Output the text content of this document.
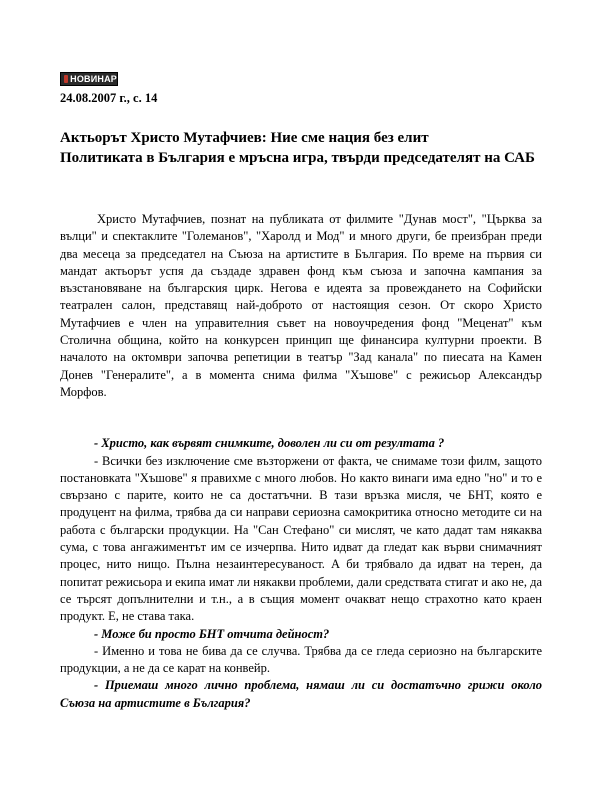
НОВИНАР
24.08.2007 г., с. 14
Актьорът Христо Мутафчиев: Ние сме нация без елит
Политиката в България е мръсна игра, твърди председателят на САБ

Христо Мутафчиев, познат на публиката от филмите "Дунав мост", "Църква за вълци" и спектаклите "Големанов", "Харолд и Мод" и много други, бе преизбран преди два месеца за председател на Съюза на артистите в България. По време на първия си мандат актьорът успя да създаде здравен фонд към съюза и започна кампания за възстановяване на българския цирк. Негова е идеята за провеждането на Софийски театрален салон, представящ най-доброто от настоящия сезон. От скоро Христо Мутафчиев е член на управителния съвет на новоучредения фонд "Меценат" към Столична община, който на конкурсен принцип ще финансира културни проекти. В началото на октомври започва репетиции в театър "Зад канала" по пиесата на Камен Донев "Генералите", а в момента снима филма "Хъшове" с режисьор Александър Морфов.

- Христо, как вървят снимките, доволен ли си от резултата ?

- Всички без изключение сме възторжени от факта, че снимаме този филм, защото постановката "Хъшове" я правихме с много любов. Но както винаги има едно "но" и то е свързано с парите, които не са достатъчни. В тази връзка мисля, че БНТ, която е продуцент на филма, трябва да си направи сериозна самокритика относно методите си на работа с български продукции. На "Сан Стефано" си мислят, че като дадат там някаква сума, с това ангажиментът им се изчерпва. Нито идват да гледат как върви снимачният процес, нито нищо. Пълна незаинтересуваност. А би трябвало да идват на терен, да попитат режисьора и екипа имат ли някакви проблеми, дали средствата стигат и ако не, да се търсят допълнителни и т.н., а в същия момент очакват нещо страхотно като краен продукт. Е, не става така.

- Може би просто БНТ отчита дейност?

- Именно и това не бива да се случва. Трябва да се гледа сериозно на българските продукции, а не да се карат на конвейр.

- Приемаш много лично проблема, нямаш ли си достатъчно грижи около Съюза на артистите в България?
